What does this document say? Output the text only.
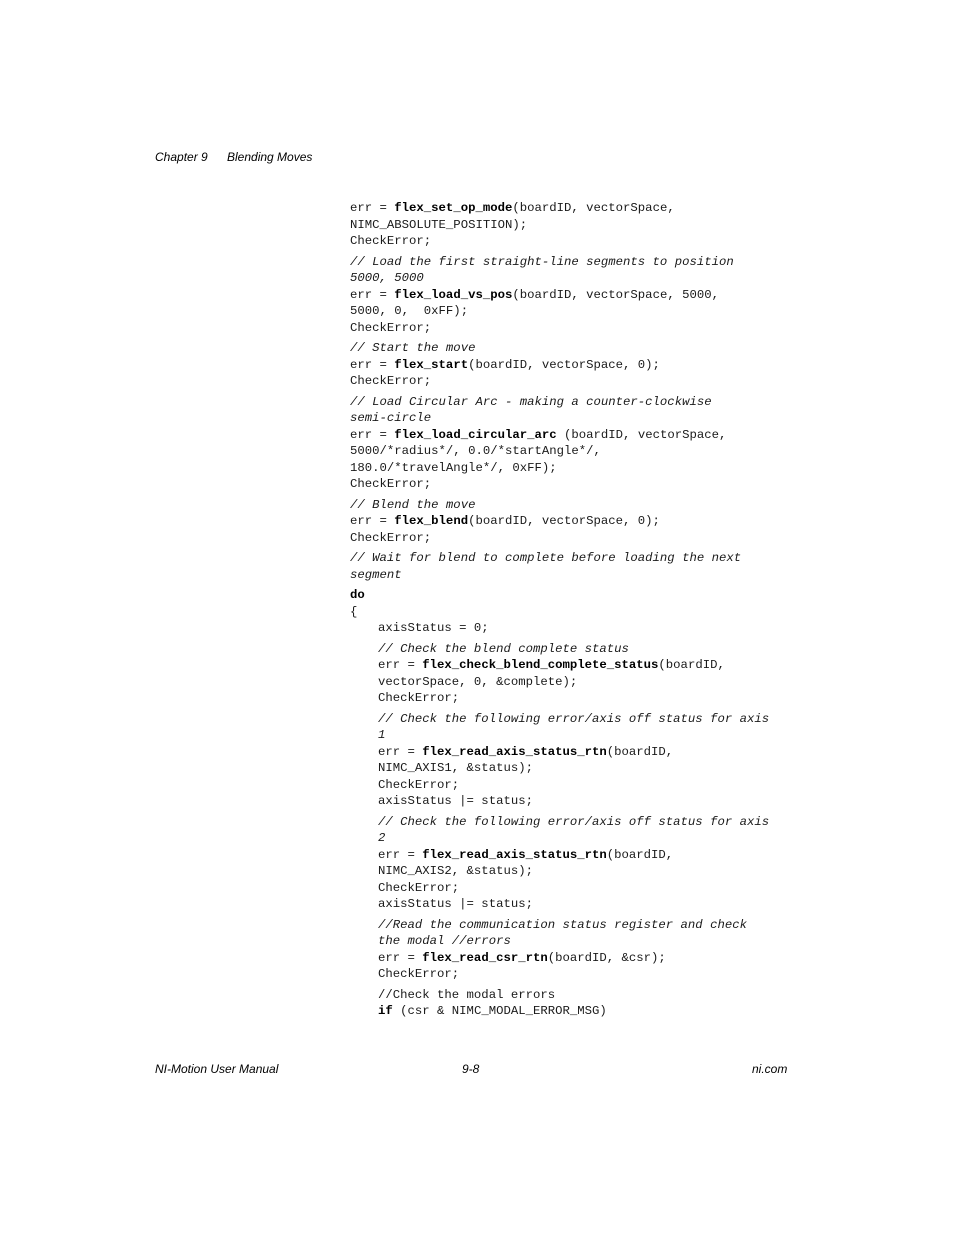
Chapter 9 Blending Moves
err = flex_set_op_mode(boardID, vectorSpace,
NIMC_ABSOLUTE_POSITION);
CheckError;
// Load the first straight-line segments to position
5000, 5000
err = flex_load_vs_pos(boardID, vectorSpace, 5000,
5000, 0,  0xFF);
CheckError;
// Start the move
err = flex_start(boardID, vectorSpace, 0);
CheckError;
// Load Circular Arc - making a counter-clockwise
semi-circle
err = flex_load_circular_arc (boardID, vectorSpace,
5000/*radius*/, 0.0/*startAngle*/,
180.0/*travelAngle*/, 0xFF);
CheckError;
// Blend the move
err = flex_blend(boardID, vectorSpace, 0);
CheckError;
// Wait for blend to complete before loading the next
segment
do
{
axisStatus = 0;
// Check the blend complete status
err = flex_check_blend_complete_status(boardID,
vectorSpace, 0, &complete);
CheckError;
// Check the following error/axis off status for axis
1
err = flex_read_axis_status_rtn(boardID,
NIMC_AXIS1, &status);
CheckError;
axisStatus |= status;
// Check the following error/axis off status for axis
2
err = flex_read_axis_status_rtn(boardID,
NIMC_AXIS2, &status);
CheckError;
axisStatus |= status;
//Read the communication status register and check
the modal //errors
err = flex_read_csr_rtn(boardID, &csr);
CheckError;
//Check the modal errors
if (csr & NIMC_MODAL_ERROR_MSG)
NI-Motion User Manual	9-8	ni.com
